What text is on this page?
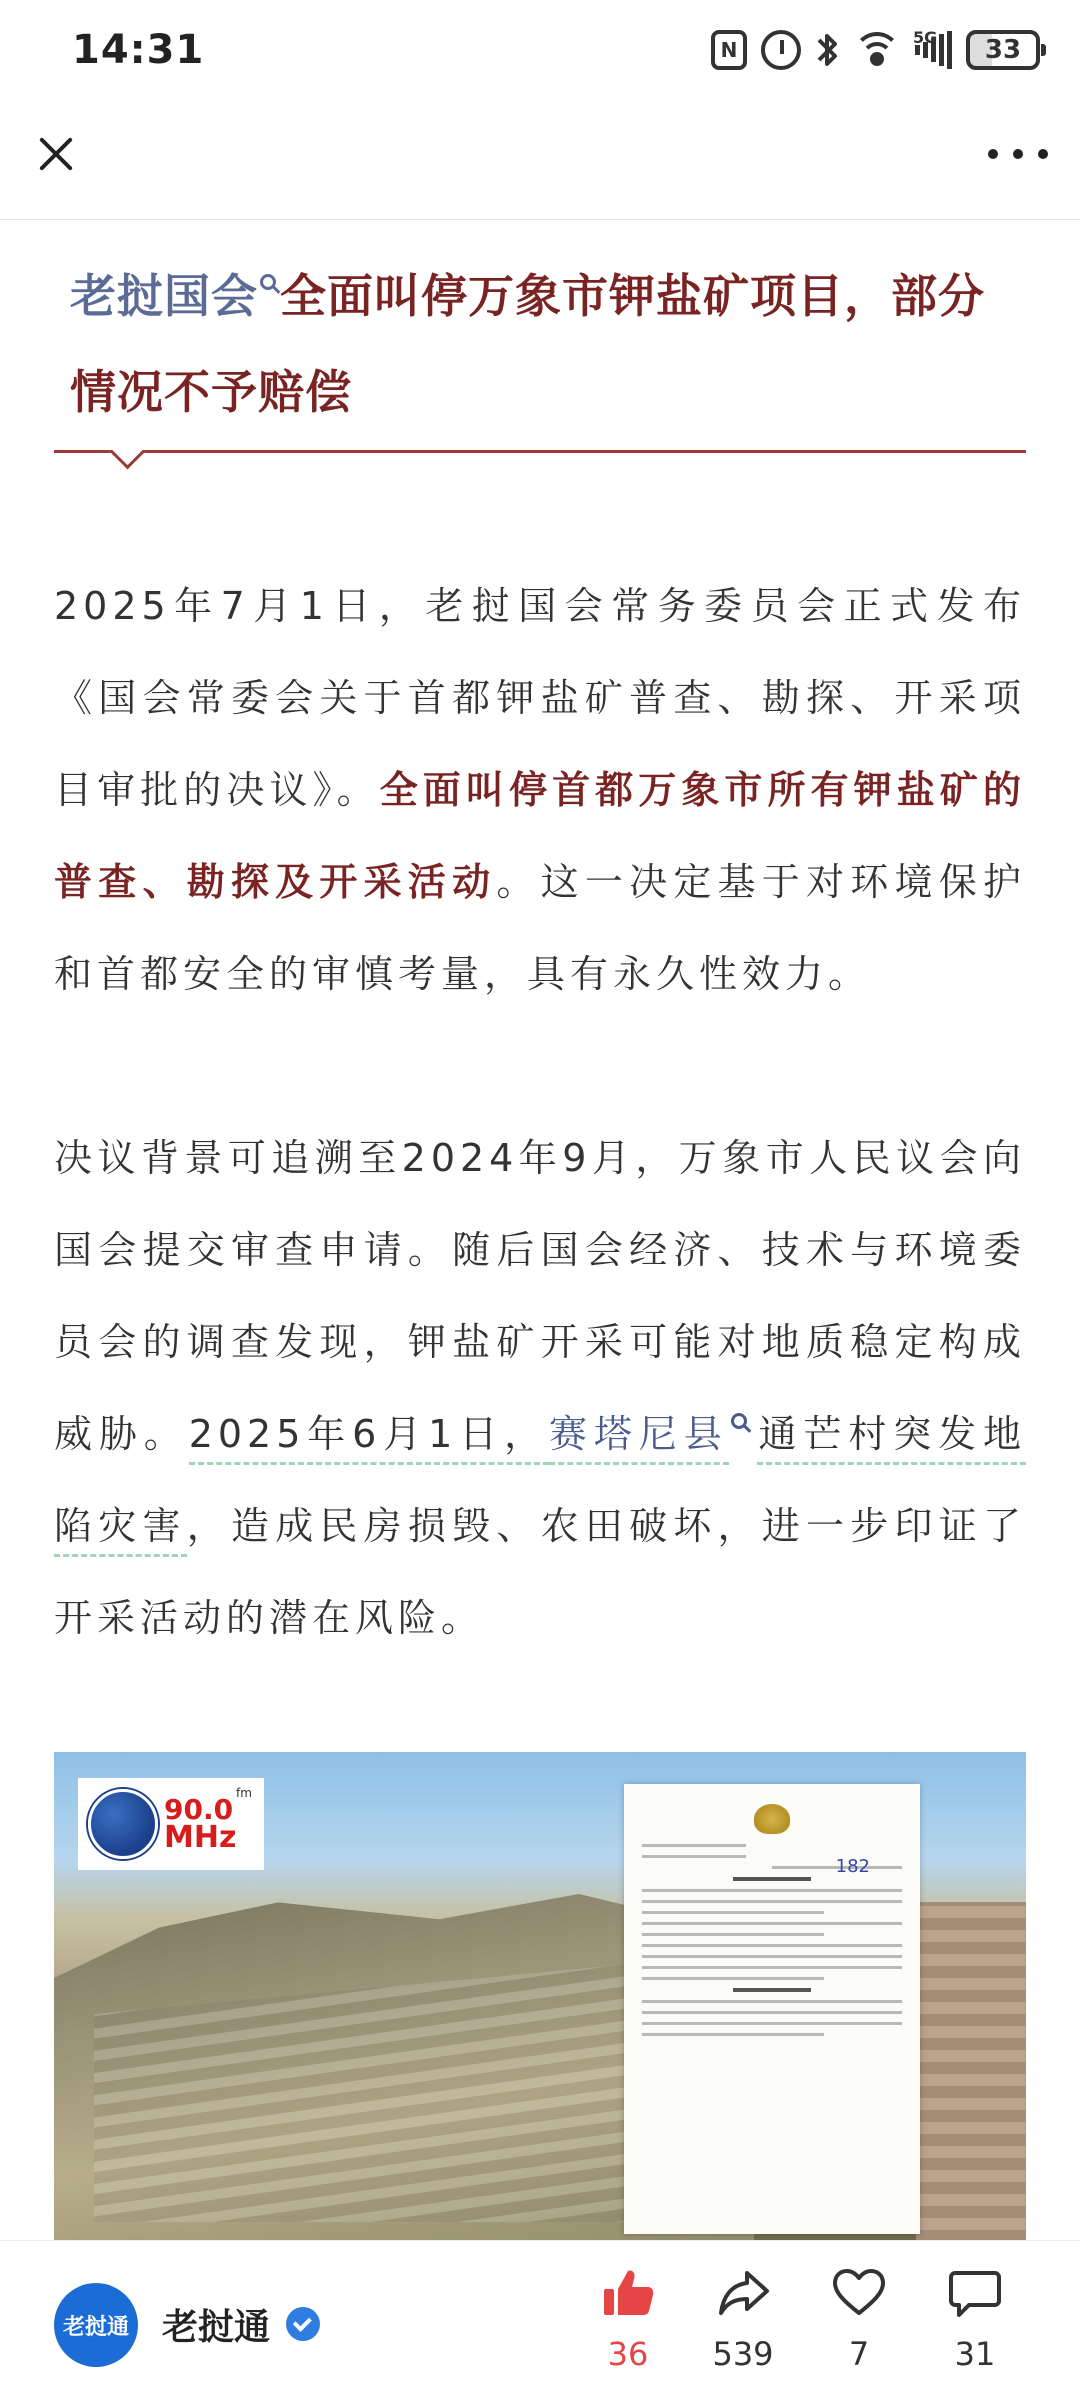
14:31	N
5G 33
老挝国会 全面叫停万象市钾盐矿项目，部分情况不予赔偿
2025年7月1日，老挝国会常务委员会正式发布《国会常委会关于首都钾盐矿普查、勘探、开采项目审批的决议》。全面叫停首都万象市所有钾盐矿的普查、勘探及开采活动。这一决定基于对环境保护和首都安全的审慎考量，具有永久性效力。
决议背景可追溯至2024年9月，万象市人民议会向国会提交审查申请。随后国会经济、技术与环境委员会的调查发现，钾盐矿开采可能对地质稳定构成威胁。2025年6月1日，赛塔尼县 通芒村突发地陷灾害，造成民房损毁、农田破坏，进一步印证了开采活动的潜在风险。
90.0
MHz
fm
182
老挝通 老挝通
36 539 7	31
